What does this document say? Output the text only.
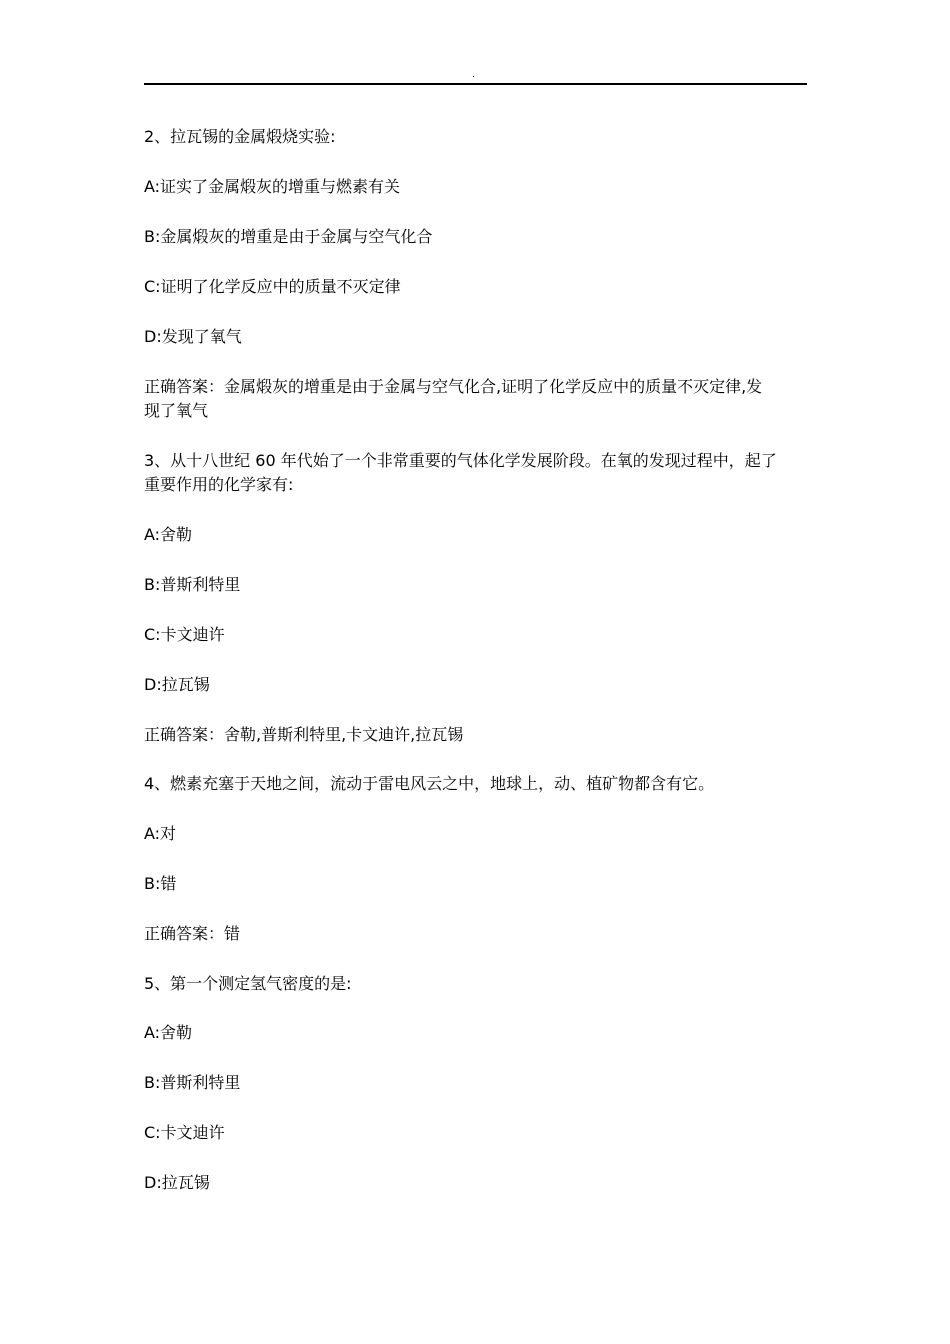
.
2、拉瓦锡的金属煅烧实验:
A:证实了金属煅灰的增重与燃素有关
B:金属煅灰的增重是由于金属与空气化合
C:证明了化学反应中的质量不灭定律
D:发现了氧气
正确答案：金属煅灰的增重是由于金属与空气化合,证明了化学反应中的质量不灭定律,发
现了氧气
3、从十八世纪 60 年代始了一个非常重要的气体化学发展阶段。在氧的发现过程中，起了
重要作用的化学家有:
A:舍勒
B:普斯利特里
C:卡文迪许
D:拉瓦锡
正确答案：舍勒,普斯利特里,卡文迪许,拉瓦锡
4、燃素充塞于天地之间，流动于雷电风云之中，地球上，动、植矿物都含有它。
A:对
B:错
正确答案：错
5、第一个测定氢气密度的是:
A:舍勒
B:普斯利特里
C:卡文迪许
D:拉瓦锡
